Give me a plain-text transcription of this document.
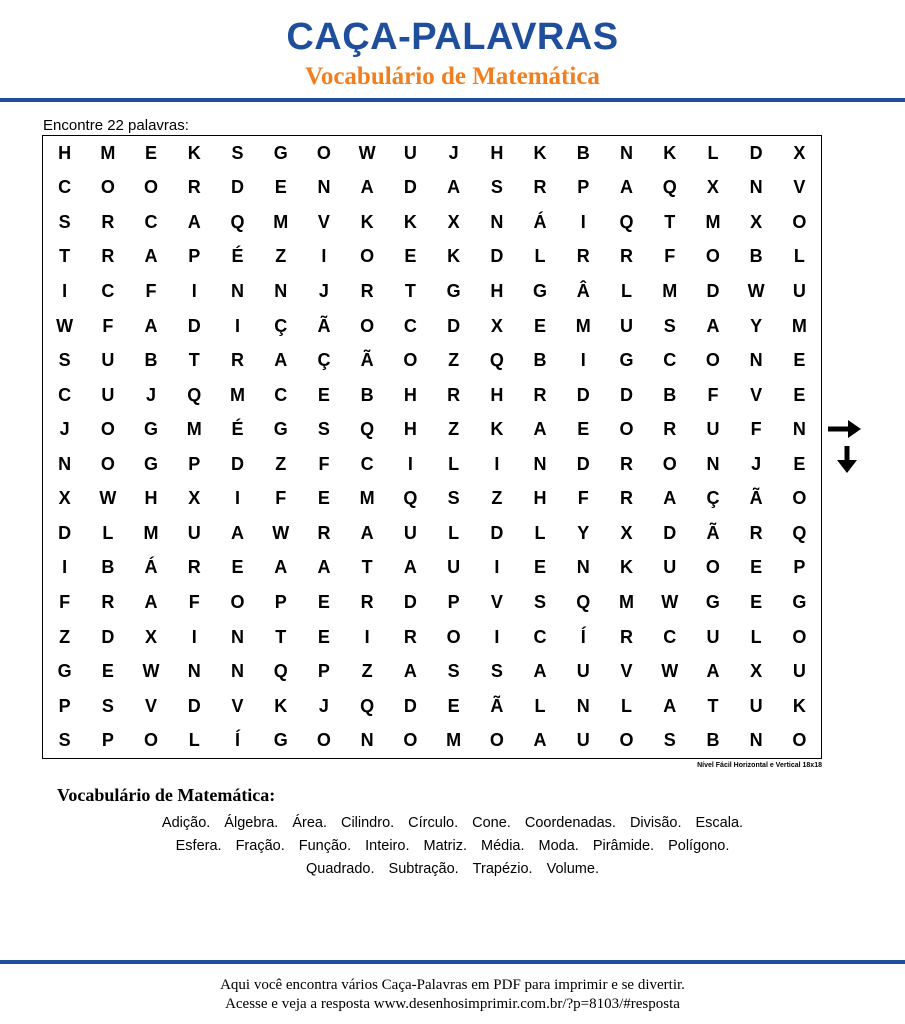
CAÇA-PALAVRAS
Vocabulário de Matemática
Encontre 22 palavras:
H	M	E	K	S	G	O	W	U	J	H	K	B	N	K	L	D	X
C	O	O	R	D	E	N	A	D	A	S	R	P	A	Q	X	N	V
S	R	C	A	Q	M	V	K	K	X	N	Á	I	Q	T	M	X	O
T	R	A	P	É	Z	I	O	E	K	D	L	R	R	F	O	B	L
I	C	F	I	N	N	J	R	T	G	H	G	Â	L	M	D	W	U
W	F	A	D	I	Ç	Ã	O	C	D	X	E	M	U	S	A	Y	M
S	U	B	T	R	A	Ç	Ã	O	Z	Q	B	I	G	C	O	N	E
C	U	J	Q	M	C	E	B	H	R	H	R	D	D	B	F	V	E
J	O	G	M	É	G	S	Q	H	Z	K	A	E	O	R	U	F	N
N	O	G	P	D	Z	F	C	I	L	I	N	D	R	O	N	J	E
X	W	H	X	I	F	E	M	Q	S	Z	H	F	R	A	Ç	Ã	O
D	L	M	U	A	W	R	A	U	L	D	L	Y	X	D	Ã	R	Q
I	B	Á	R	E	A	A	T	A	U	I	E	N	K	U	O	E	P
F	R	A	F	O	P	E	R	D	P	V	S	Q	M	W	G	E	G
Z	D	X	I	N	T	E	I	R	O	I	C	Í	R	C	U	L	O
G	E	W	N	N	Q	P	Z	A	S	S	A	U	V	W	A	X	U
P	S	V	D	V	K	J	Q	D	E	Ã	L	N	L	A	T	U	K
S	P	O	L	Í	G	O	N	O	M	O	A	U	O	S	B	N	O
Nível Fácil Horizontal e Vertical 18x18
Vocabulário de Matemática:
Adição. Álgebra. Área. Cilindro. Círculo. Cone. Coordenadas. Divisão. Escala.
Esfera. Fração. Função. Inteiro. Matriz. Média. Moda. Pirâmide. Polígono.
Quadrado. Subtração. Trapézio. Volume.
Aqui você encontra vários Caça-Palavras em PDF para imprimir e se divertir.
Acesse e veja a resposta www.desenhosimprimir.com.br/?p=8103/#resposta
